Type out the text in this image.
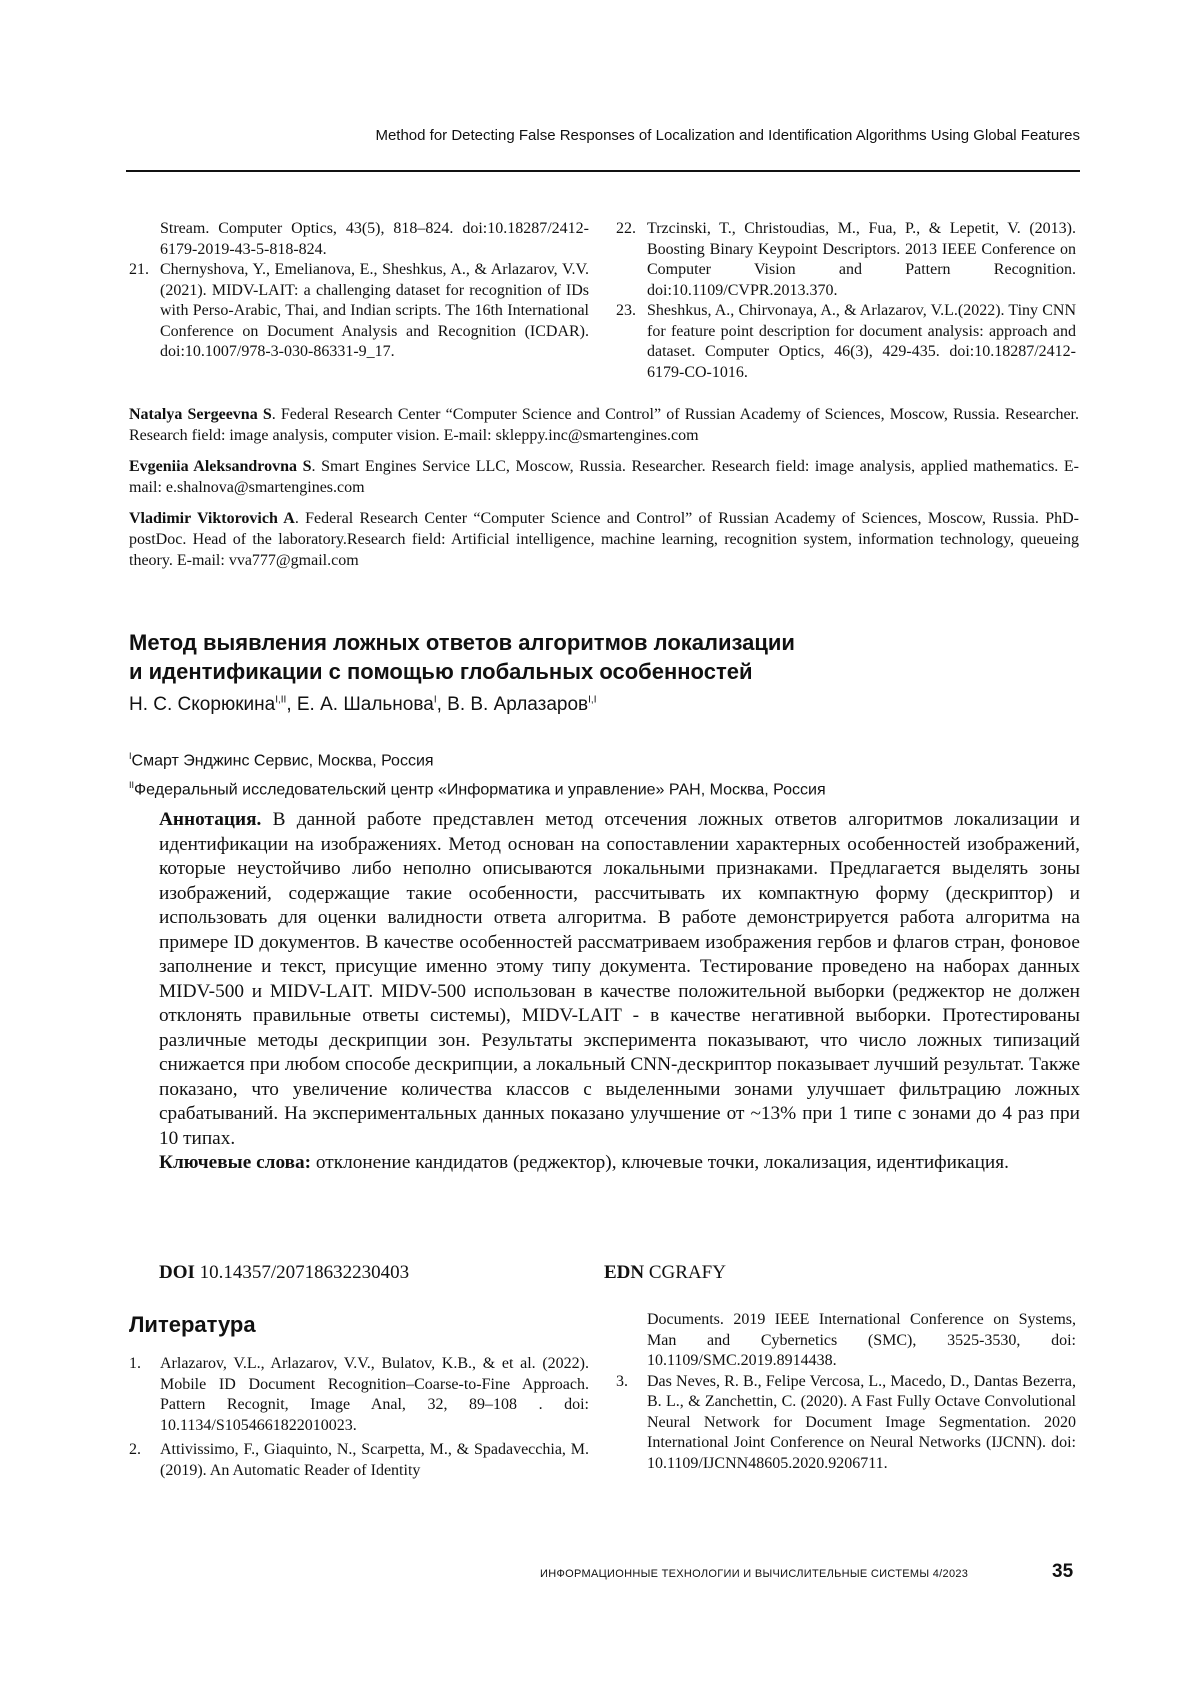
Method for Detecting False Responses of Localization and Identification Algorithms Using Global Features
Stream. Computer Optics, 43(5), 818–824. doi:10.18287/2412-6179-2019-43-5-818-824.
21. Chernyshova, Y., Emelianova, E., Sheshkus, A., & Arlazarov, V.V. (2021). MIDV-LAIT: a challenging dataset for recognition of IDs with Perso-Arabic, Thai, and Indian scripts. The 16th International Conference on Document Analysis and Recognition (ICDAR). doi:10.1007/978-3-030-86331-9_17.
22. Trzcinski, T., Christoudias, M., Fua, P., & Lepetit, V. (2013). Boosting Binary Keypoint Descriptors. 2013 IEEE Conference on Computer Vision and Pattern Recognition. doi:10.1109/CVPR.2013.370.
23. Sheshkus, A., Chirvonaya, A., & Arlazarov, V.L.(2022). Tiny CNN for feature point description for document analysis: approach and dataset. Computer Optics, 46(3), 429-435. doi:10.18287/2412-6179-CO-1016.

Natalya Sergeevna S. Federal Research Center “Computer Science and Control” of Russian Academy of Sciences, Moscow, Russia. Researcher. Research field: image analysis, computer vision. E-mail: skleppy.inc@smartengines.com

Evgeniia Aleksandrovna S. Smart Engines Service LLC, Moscow, Russia. Researcher. Research field: image analysis, applied mathematics. E-mail: e.shalnova@smartengines.com

Vladimir Viktorovich A. Federal Research Center “Computer Science and Control” of Russian Academy of Sciences, Moscow, Russia. PhD-postDoc. Head of the laboratory.Research field: Artificial intelligence, machine learning, recognition system, information technology, queueing theory. E-mail: vva777@gmail.com

Метод выявления ложных ответов алгоритмов локализации
и идентификации с помощью глобальных особенностей
Н. С. Скорюкина$^{I,II}$, Е. А. Шальнова$^I$, В. В. Арлазаров$^{I,I}$
$^I$Смарт Энджинс Сервис, Москва, Россия
$^{II}$Федеральный исследовательский центр «Информатика и управление» РАН, Москва, Россия

Аннотация. В данной работе представлен метод отсечения ложных ответов алгоритмов локализации и идентификации на изображениях. Метод основан на сопоставлении характерных особенностей изображений, которые неустойчиво либо неполно описываются локальными признаками. Предлагается выделять зоны изображений, содержащие такие особенности, рассчитывать их компактную форму (дескриптор) и использовать для оценки валидности ответа алгоритма. В работе демонстрируется работа алгоритма на примере ID документов. В качестве особенностей рассматриваем изображения гербов и флагов стран, фоновое заполнение и текст, присущие именно этому типу документа. Тестирование проведено на наборах данных MIDV-500 и MIDV-LAIT. MIDV-500 использован в качестве положительной выборки (реджектор не должен отклонять правильные ответы системы), MIDV-LAIT - в качестве негативной выборки. Протестированы различные методы дескрипции зон. Результаты эксперимента показывают, что число ложных типизаций снижается при любом способе дескрипции, а локальный CNN-дескриптор показывает лучший результат. Также показано, что увеличение количества классов с выделенными зонами улучшает фильтрацию ложных срабатываний. На экспериментальных данных показано улучшение от ~13% при 1 типе с зонами до 4 раз при 10 типах.

Ключевые слова: отклонение кандидатов (реджектор), ключевые точки, локализация, идентификация.

DOI 10.14357/20718632230403	EDN CGRAFY
Литература
1.	Arlazarov, V.L., Arlazarov, V.V., Bulatov, K.B., & et al. (2022). Mobile ID Document Recognition–Coarse-to-Fine Approach. Pattern Recognit, Image Anal, 32, 89–108 . doi: 10.1134/S1054661822010023.
2.	Attivissimo, F., Giaquinto, N., Scarpetta, M., & Spadavecchia, M. (2019). An Automatic Reader of Identity
Documents. 2019 IEEE International Conference on Systems, Man and Cybernetics (SMC), 3525-3530, doi: 10.1109/SMC.2019.8914438.
3.	Das Neves, R. B., Felipe Vercosa, L., Macedo, D., Dantas Bezerra, B. L., & Zanchettin, C. (2020). A Fast Fully Octave Convolutional Neural Network for Document Image Segmentation. 2020 International Joint Conference on Neural Networks (IJCNN). doi: 10.1109/IJCNN48605.2020.9206711.
ИНФОРМАЦИОННЫЕ ТЕХНОЛОГИИ И ВЫЧИСЛИТЕЛЬНЫЕ СИСТЕМЫ 4/2023	35
